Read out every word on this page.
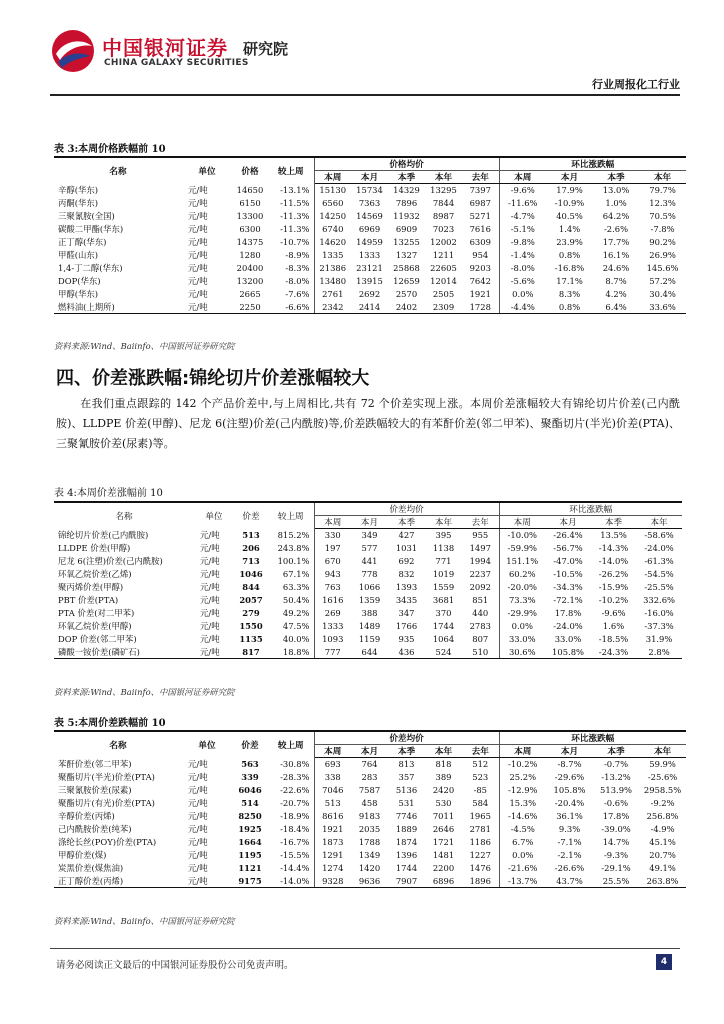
中国银河证券
CHINA GALAXY SECURITIES
研究院
行业周报化工行业
表 3:本周价格跌幅前 10
名称	单位	价格	较上周	价格均价					环比涨跌幅			
				本周	本月	本季	本年	去年	本周	本月	本季	本年
辛醇(华东)	元/吨	14650	-13.1%	15130	15734	14329	13295	7397	-9.6%	17.9%	13.0%	79.7%
丙酮(华东)	元/吨	6150	-11.5%	6560	7363	7896	7844	6987	-11.6%	-10.9%	1.0%	12.3%
三聚氰胺(全国)	元/吨	13300	-11.3%	14250	14569	11932	8987	5271	-4.7%	40.5%	64.2%	70.5%
碳酸二甲酯(华东)	元/吨	6300	-11.3%	6740	6969	6909	7023	7616	-5.1%	1.4%	-2.6%	-7.8%
正丁醇(华东)	元/吨	14375	-10.7%	14620	14959	13255	12002	6309	-9.8%	23.9%	17.7%	90.2%
甲醛(山东)	元/吨	1280	-8.9%	1335	1333	1327	1211	954	-1.4%	0.8%	16.1%	26.9%
1,4-丁二醇(华东)	元/吨	20400	-8.3%	21386	23121	25868	22605	9203	-8.0%	-16.8%	24.6%	145.6%
DOP(华东)	元/吨	13200	-8.0%	13480	13915	12659	12014	7642	-5.6%	17.1%	8.7%	57.2%
甲醇(华东)	元/吨	2665	-7.6%	2761	2692	2570	2505	1921	0.0%	8.3%	4.2%	30.4%
燃料油(上期所)	元/吨	2250	-6.6%	2342	2414	2402	2309	1728	-4.4%	0.8%	6.4%	33.6%
资料来源:Wind、Baiinfo、中国银河证券研究院
四、价差涨跌幅:锦纶切片价差涨幅较大
在我们重点跟踪的 142 个产品价差中,与上周相比,共有 72 个价差实现上涨。本周价差涨幅较大有锦纶切片价差(己内酰胺)、LLDPE 价差(甲醇)、尼龙 6(注塑)价差(己内酰胺)等,价差跌幅较大的有苯酐价差(邻二甲苯)、聚酯切片(半光)价差(PTA)、三聚氰胺价差(尿素)等。
表 4:本周价差涨幅前 10
名称	单位	价差	较上周	价差均价					环比涨跌幅			
				本周	本月	本季	本年	去年	本周	本月	本季	本年
锦纶切片价差(己内酰胺)	元/吨	513	815.2%	330	349	427	395	955	-10.0%	-26.4%	13.5%	-58.6%
LLDPE 价差(甲醇)	元/吨	206	243.8%	197	577	1031	1138	1497	-59.9%	-56.7%	-14.3%	-24.0%
尼龙 6(注塑)价差(己内酰胺)	元/吨	713	100.1%	670	441	692	771	1994	151.1%	-47.0%	-14.0%	-61.3%
环氧乙烷价差(乙烯)	元/吨	1046	67.1%	943	778	832	1019	2237	60.2%	-10.5%	-26.2%	-54.5%
聚丙烯价差(甲醇)	元/吨	844	63.3%	763	1066	1393	1559	2092	-20.0%	-34.3%	-15.9%	-25.5%
PBT 价差(PTA)	元/吨	2057	50.4%	1616	1359	3435	3681	851	73.3%	-72.1%	-10.2%	332.6%
PTA 价差(对二甲苯)	元/吨	279	49.2%	269	388	347	370	440	-29.9%	17.8%	-9.6%	-16.0%
环氧乙烷价差(甲醇)	元/吨	1550	47.5%	1333	1489	1766	1744	2783	0.0%	-24.0%	1.6%	-37.3%
DOP 价差(邻二甲苯)	元/吨	1135	40.0%	1093	1159	935	1064	807	33.0%	33.0%	-18.5%	31.9%
磷酸一铵价差(磷矿石)	元/吨	817	18.8%	777	644	436	524	510	30.6%	105.8%	-24.3%	2.8%
资料来源:Wind、Baiinfo、中国银河证券研究院
表 5:本周价差跌幅前 10
名称	单位	价差	较上周	价差均价					环比涨跌幅			
				本周	本月	本季	本年	去年	本周	本月	本季	本年
苯酐价差(邻二甲苯)	元/吨	563	-30.8%	693	764	813	818	512	-10.2%	-8.7%	-0.7%	59.9%
聚酯切片(半光)价差(PTA)	元/吨	339	-28.3%	338	283	357	389	523	25.2%	-29.6%	-13.2%	-25.6%
三聚氰胺价差(尿素)	元/吨	6046	-22.6%	7046	7587	5136	2420	-85	-12.9%	105.8%	513.9%	2958.5%
聚酯切片(有光)价差(PTA)	元/吨	514	-20.7%	513	458	531	530	584	15.3%	-20.4%	-0.6%	-9.2%
辛醇价差(丙烯)	元/吨	8250	-18.9%	8616	9183	7746	7011	1965	-14.6%	36.1%	17.8%	256.8%
己内酰胺价差(纯苯)	元/吨	1925	-18.4%	1921	2035	1889	2646	2781	-4.5%	9.3%	-39.0%	-4.9%
涤纶长丝(POY)价差(PTA)	元/吨	1664	-16.7%	1873	1788	1874	1721	1186	6.7%	-7.1%	14.7%	45.1%
甲醇价差(煤)	元/吨	1195	-15.5%	1291	1349	1396	1481	1227	0.0%	-2.1%	-9.3%	20.7%
炭黑价差(煤焦油)	元/吨	1121	-14.4%	1274	1420	1744	2200	1476	-21.6%	-26.6%	-29.1%	49.1%
正丁醇价差(丙烯)	元/吨	9175	-14.0%	9328	9636	7907	6896	1896	-13.7%	43.7%	25.5%	263.8%
资料来源:Wind、Baiinfo、中国银河证券研究院
请务必阅读正文最后的中国银河证券股份公司免责声明。	4
